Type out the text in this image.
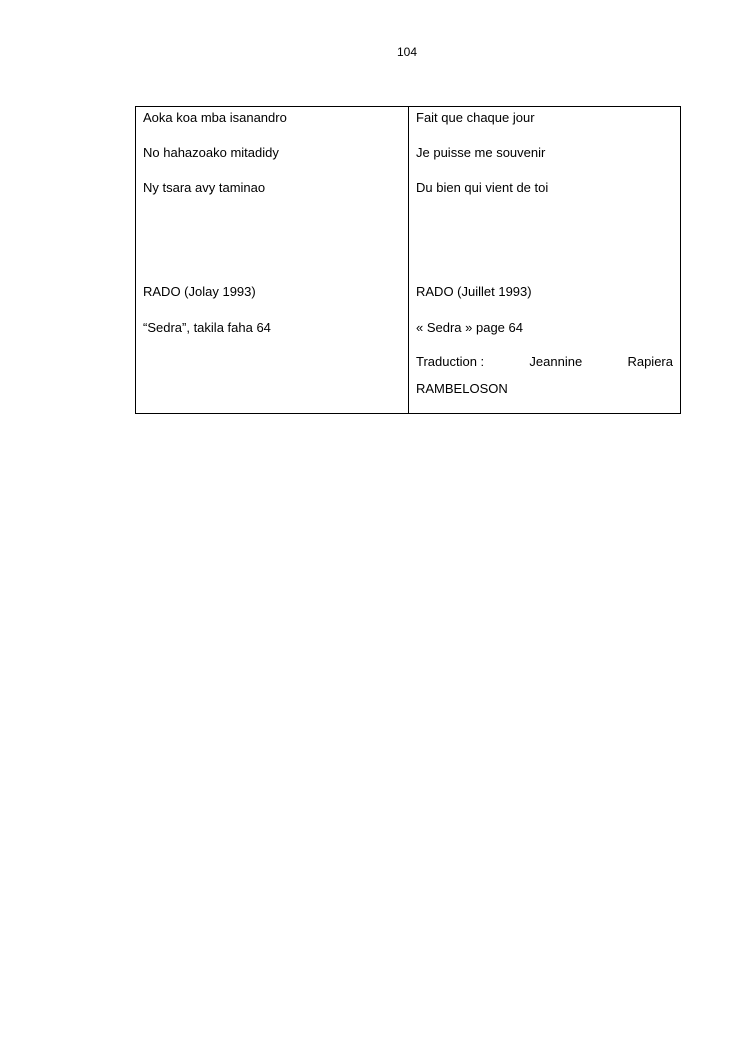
104
Aoka koa mba isanandro
No hahazoako mitadidy
Ny tsara avy taminao
RADO (Jolay 1993)
“Sedra”, takila faha 64
Fait que chaque jour
Je puisse me souvenir
Du bien qui vient de toi
RADO (Juillet 1993)
« Sedra » page 64
Traduction :	Jeannine	Rapiera
RAMBELOSON
